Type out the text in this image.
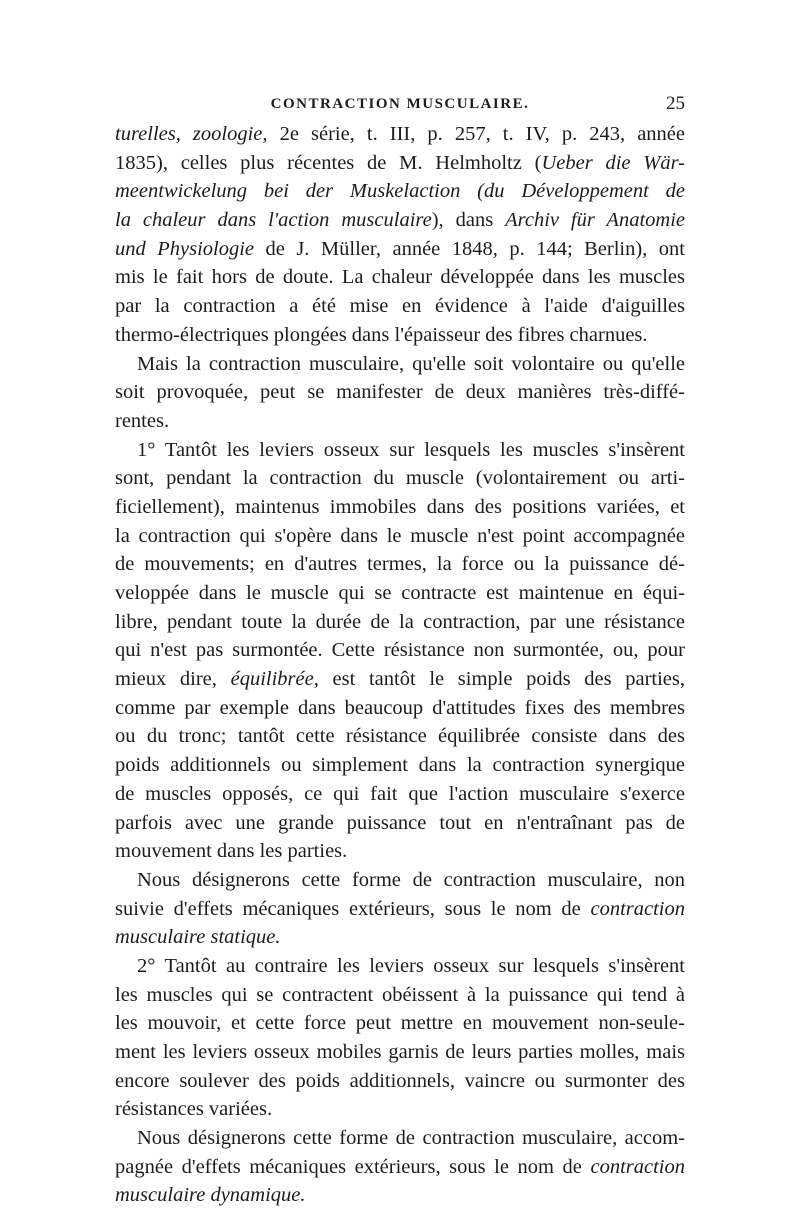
CONTRACTION MUSCULAIRE.	25
turelles, zoologie, 2e série, t. III, p. 257, t. IV, p. 243, année
1835), celles plus récentes de M. Helmholtz (Ueber die Wär-
meentwickelung bei der Muskelaction (du Développement de
la chaleur dans l'action musculaire), dans Archiv für Anatomie
und Physiologie de J. Müller, année 1848, p. 144; Berlin), ont
mis le fait hors de doute. La chaleur développée dans les muscles
par la contraction a été mise en évidence à l'aide d'aiguilles
thermo-électriques plongées dans l'épaisseur des fibres charnues.
Mais la contraction musculaire, qu'elle soit volontaire ou qu'elle
soit provoquée, peut se manifester de deux manières très-diffé-
rentes.
1° Tantôt les leviers osseux sur lesquels les muscles s'insèrent
sont, pendant la contraction du muscle (volontairement ou arti-
ficiellement), maintenus immobiles dans des positions variées, et
la contraction qui s'opère dans le muscle n'est point accompagnée
de mouvements; en d'autres termes, la force ou la puissance dé-
veloppée dans le muscle qui se contracte est maintenue en équi-
libre, pendant toute la durée de la contraction, par une résistance
qui n'est pas surmontée. Cette résistance non surmontée, ou, pour
mieux dire, équilibrée, est tantôt le simple poids des parties,
comme par exemple dans beaucoup d'attitudes fixes des membres
ou du tronc; tantôt cette résistance équilibrée consiste dans des
poids additionnels ou simplement dans la contraction synergique
de muscles opposés, ce qui fait que l'action musculaire s'exerce
parfois avec une grande puissance tout en n'entraînant pas de
mouvement dans les parties.
Nous désignerons cette forme de contraction musculaire, non
suivie d'effets mécaniques extérieurs, sous le nom de contraction
musculaire statique.
2° Tantôt au contraire les leviers osseux sur lesquels s'insèrent
les muscles qui se contractent obéissent à la puissance qui tend à
les mouvoir, et cette force peut mettre en mouvement non-seule-
ment les leviers osseux mobiles garnis de leurs parties molles, mais
encore soulever des poids additionnels, vaincre ou surmonter des
résistances variées.
Nous désignerons cette forme de contraction musculaire, accom-
pagnée d'effets mécaniques extérieurs, sous le nom de contraction
musculaire dynamique.
